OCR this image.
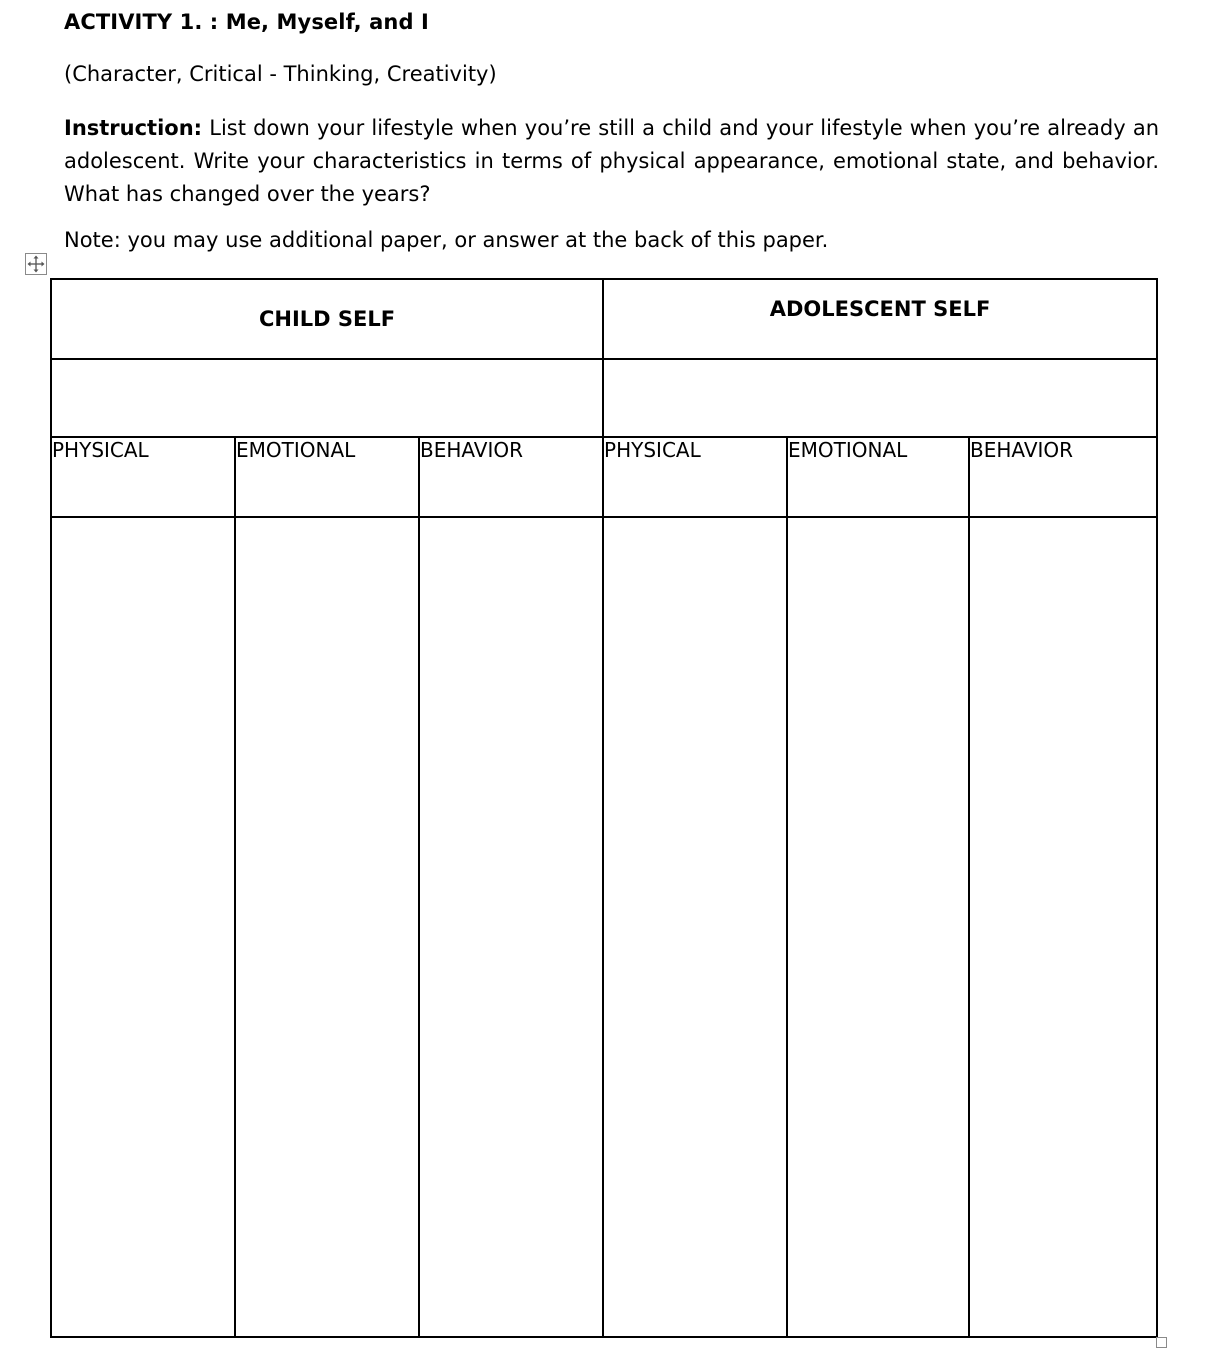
ACTIVITY 1. : Me, Myself, and I
(Character, Critical - Thinking, Creativity)
Instruction: List down your lifestyle when you’re still a child and your lifestyle when you’re already an adolescent. Write your characteristics in terms of physical appearance, emotional state, and behavior. What has changed over the years?
Note: you may use additional paper, or answer at the back of this paper.
CHILD SELF			ADOLESCENT SELF		

PHYSICAL	EMOTIONAL	BEHAVIOR	PHYSICAL	EMOTIONAL	BEHAVIOR
